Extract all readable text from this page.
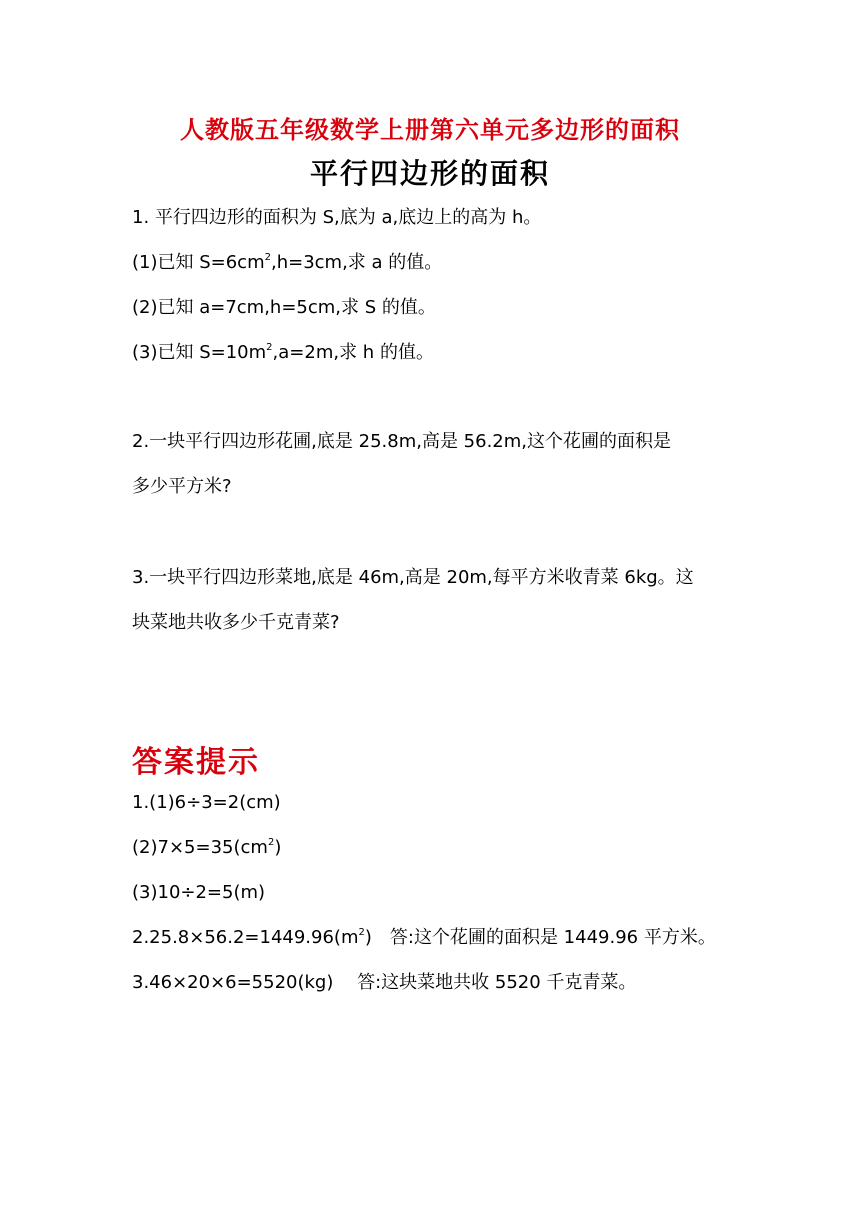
人教版五年级数学上册第六单元多边形的面积
平行四边形的面积
1. 平行四边形的面积为 S,底为 a,底边上的高为 h。
(1)已知 $S=6cm^2,h=3cm$,求 a 的值。
(2)已知 a=7cm,h=5cm,求 S 的值。
(3)已知 $S=10m^2,a=2m$,求 h 的值。
2.一块平行四边形花圃,底是 25.8m,高是 56.2m,这个花圃的面积是
多少平方米?
3.一块平行四边形菜地,底是 46m,高是 20m,每平方米收青菜 6kg。这
块菜地共收多少千克青菜?
答案提示
1.(1)6÷3=2(cm)
$(2)7\times 5=35(cm^2)$
(3)10÷2=5(m)
$2.25.8\times 56.2=1449.96(m^2)$　答:这个花圃的面积是 1449.96 平方米。
3.46×20×6=5520(kg)　 答:这块菜地共收 5520 千克青菜。
